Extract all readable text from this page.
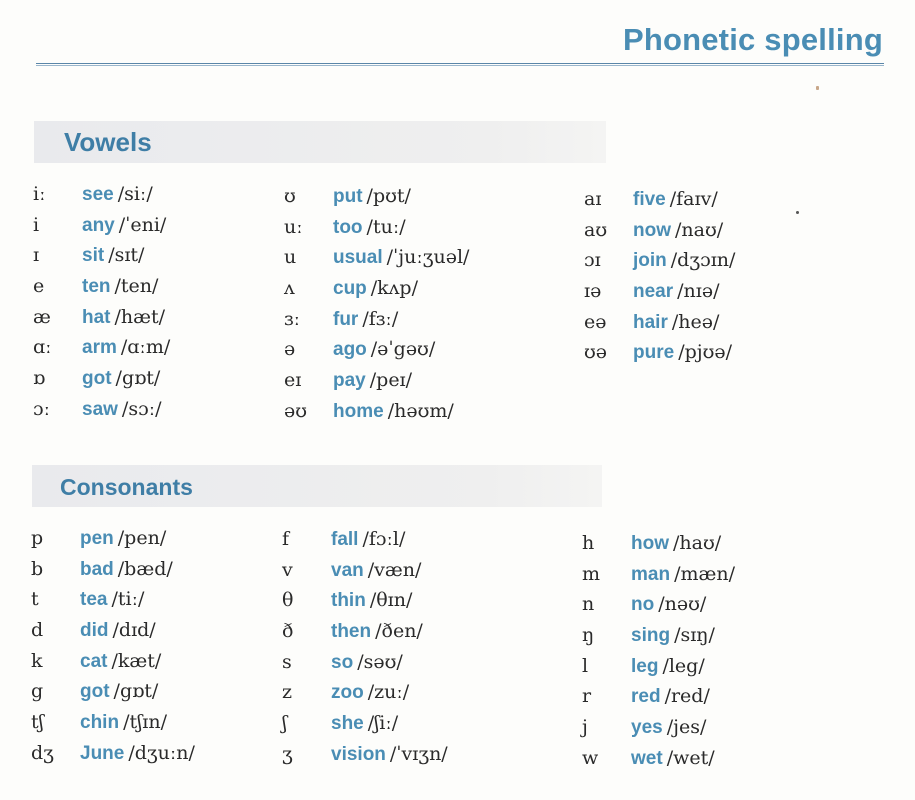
Phonetic spelling
Vowels
Consonants
iː see /siː/
i any /ˈeni/
ɪ sit /sɪt/
e ten /ten/
æ hat /hæt/
ɑː arm /ɑːm/
ɒ got /gɒt/
ɔː saw /sɔː/
ʊ put /pʊt/
uː too /tuː/
u usual /ˈjuːʒuəl/
ʌ cup /kʌp/
ɜː fur /fɜː/
ə ago /əˈgəʊ/
eɪ pay /peɪ/
əʊ home /həʊm/
aɪ five /faɪv/
aʊ now /naʊ/
ɔɪ join /dʒɔɪn/
ɪə near /nɪə/
eə hair /heə/
ʊə pure /pjʊə/
p pen /pen/
b bad /bæd/
t tea /tiː/
d did /dɪd/
k cat /kæt/
g got /gɒt/
tʃ chin /tʃɪn/
dʒ June /dʒuːn/
f fall /fɔːl/
v van /væn/
θ thin /θɪn/
ð then /ðen/
s so /səʊ/
z zoo /zuː/
ʃ she /ʃiː/
ʒ vision /ˈvɪʒn/
h how /haʊ/
m man /mæn/
n no /nəʊ/
ŋ sing /sɪŋ/
l leg /leg/
r red /red/
j yes /jes/
w wet /wet/
